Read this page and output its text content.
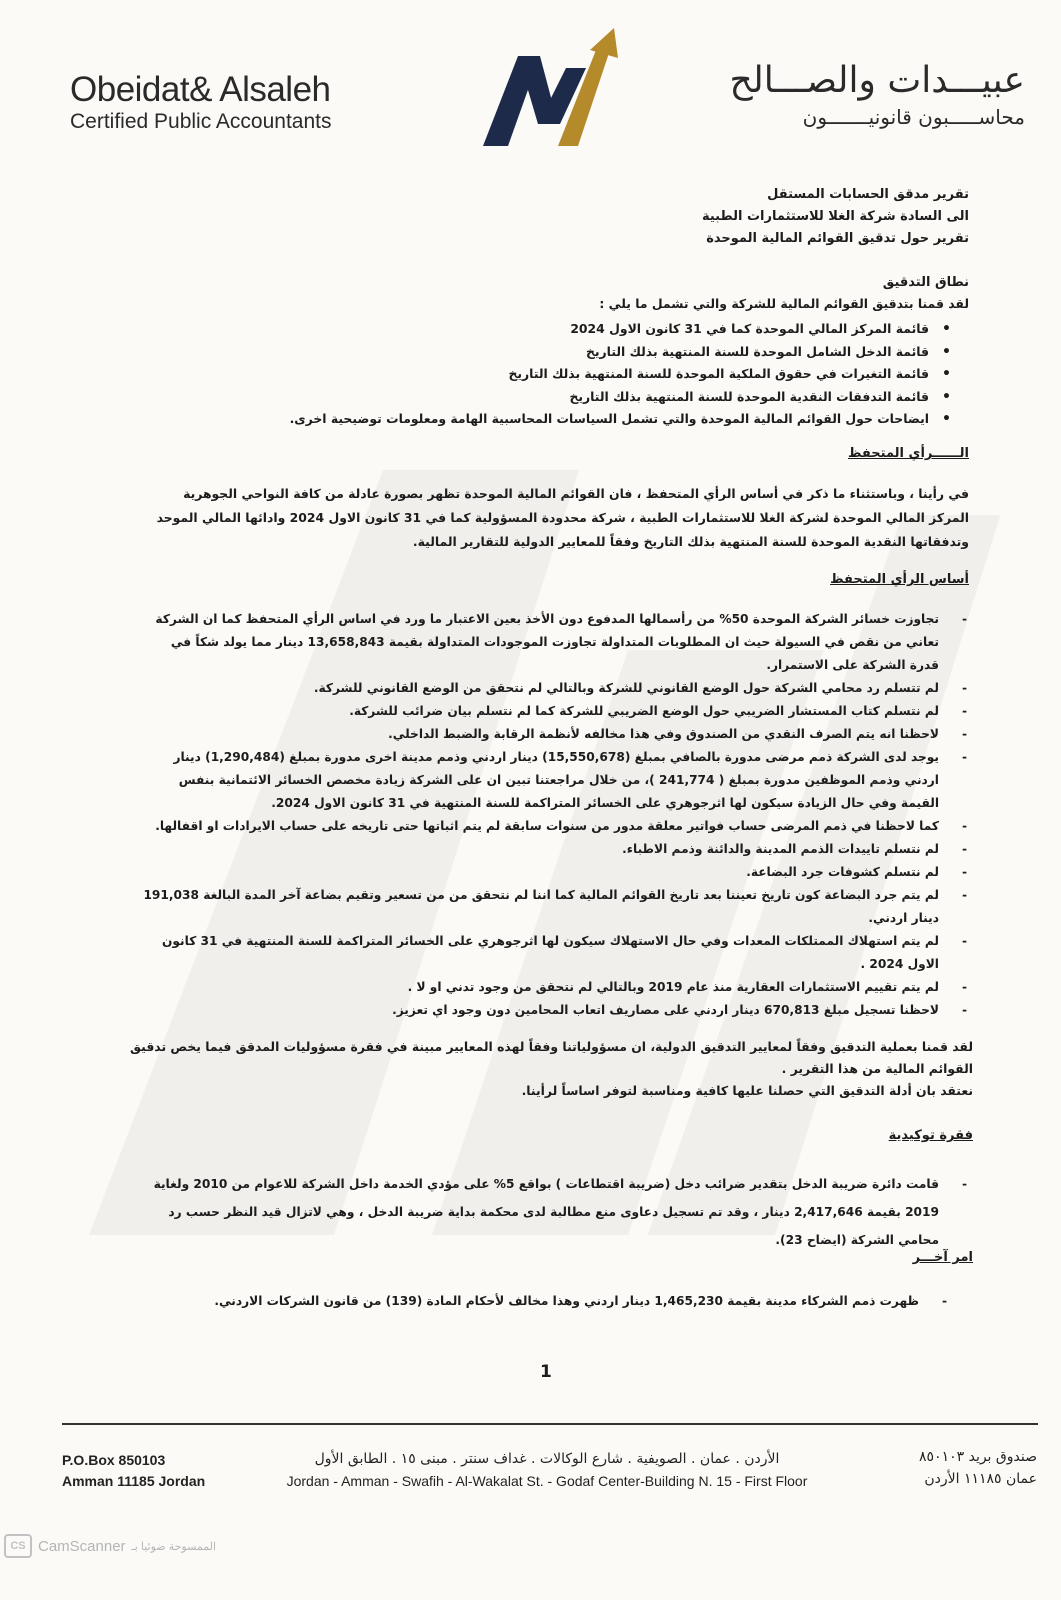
Obeidat& Alsaleh
Certified Public Accountants
عبيـــدات والصـــالح
محاســـــبون قانونيـــــــون
تقرير مدقق الحسابات المستقل
الى السادة شركة الغلا للاستثمارات الطبية
تقرير حول تدقيق القوائم المالية الموحدة
نطاق التدقيق
لقد قمنا بتدقيق القوائم المالية للشركة والتي تشمل ما يلي :
• قائمة المركز المالي الموحدة كما في 31 كانون الاول 2024
• قائمة الدخل الشامل الموحدة للسنة المنتهية بذلك التاريخ
• قائمة التغيرات في حقوق الملكية الموحدة للسنة المنتهية بذلك التاريخ
• قائمة التدفقات النقدية الموحدة للسنة المنتهية بذلك التاريخ
• ايضاحات حول القوائم المالية الموحدة والتي تشمل السياسات المحاسبية الهامة ومعلومات توضيحية اخرى.
الــــــرأي المتحفظ
في رأينا ، وباستثناء ما ذكر في أساس الرأي المتحفظ ، فان القوائم المالية الموحدة تظهر بصورة عادلة من كافة النواحي الجوهرية المركز المالي الموحدة لشركة الغلا للاستثمارات الطبية ، شركة محدودة المسؤولية كما في 31 كانون الاول 2024 وادائها المالي الموحد وتدفقاتها النقدية الموحدة للسنة المنتهية بذلك التاريخ وفقاً للمعايير الدولية للتقارير المالية.
أساس الرأي المتحفظ
- تجاوزت خسائر الشركة الموحدة 50% من رأسمالها المدفوع دون الأخذ بعين الاعتبار ما ورد في اساس الرأي المتحفظ كما ان الشركة تعاني من نقص في السيولة حيث ان المطلوبات المتداولة تجاوزت الموجودات المتداولة بقيمة 13,658,843 دينار مما يولد شكاً في قدرة الشركة على الاستمرار.
- لم تتسلم رد محامي الشركة حول الوضع القانوني للشركة وبالتالي لم نتحقق من الوضع القانوني للشركة.
- لم نتسلم كتاب المستشار الضريبي حول الوضع الضريبي للشركة كما لم نتسلم بيان ضرائب للشركة.
- لاحظنا انه يتم الصرف النقدي من الصندوق وفي هذا مخالفه لأنظمة الرقابة والضبط الداخلي.
- يوجد لدى الشركة ذمم مرضى مدورة بالصافي بمبلغ (15,550,678) دينار اردني وذمم مدينة اخرى مدورة بمبلغ (1,290,484) دينار اردني وذمم الموظفين مدورة بمبلغ ( 241,774 )، من خلال مراجعتنا تبين ان على الشركة زيادة مخصص الخسائر الائتمانية بنفس القيمة وفي حال الزيادة سيكون لها اثرجوهري على الخسائر المتراكمة للسنة المنتهية في 31 كانون الاول 2024.
- كما لاحظنا في ذمم المرضى حساب فواتير معلقة مدور من سنوات سابقة لم يتم اثباتها حتى تاريخه على حساب الايرادات او اقفالها.
- لم نتسلم تاييدات الذمم المدينة والدائنة وذمم الاطباء.
- لم نتسلم كشوفات جرد البضاعة.
- لم يتم جرد البضاعة كون تاريخ تعيننا بعد تاريخ القوائم المالية كما اننا لم نتحقق من من تسعير وتقيم بضاعة آخر المدة البالغة 191,038 دينار اردني.
- لم يتم استهلاك الممتلكات المعدات وفي حال الاستهلاك سيكون لها اثرجوهري على الخسائر المتراكمة للسنة المنتهية في 31 كانون الاول 2024 .
- لم يتم تقييم الاستثمارات العقارية منذ عام 2019 وبالتالي لم نتحقق من وجود تدني او لا .
- لاحظنا تسجيل مبلغ 670,813 دينار اردني على مصاريف اتعاب المحامين دون وجود اي تعزيز.
لقد قمنا بعملية التدقيق وفقاً لمعايير التدقيق الدولية، ان مسؤولياتنا وفقاً لهذه المعايير مبينة في فقرة مسؤوليات المدقق فيما يخص تدقيق القوائم المالية من هذا التقرير .
نعتقد بان أدلة التدقيق التي حصلنا عليها كافية ومناسبة لتوفر اساساً لرأينا.
فقرة توكيدية
- قامت دائرة ضريبة الدخل بتقدير ضرائب دخل (ضريبة اقتطاعات ) بواقع 5% على مؤدي الخدمة داخل الشركة للاعوام من 2010 ولغاية 2019 بقيمة 2,417,646 دينار ، وقد تم تسجيل دعاوى منع مطالبة لدى محكمة بداية ضريبة الدخل ، وهي لاتزال قيد النظر حسب رد محامي الشركة (ايضاح 23).
امر آخـــر
- ظهرت ذمم الشركاء مدينة بقيمة 1,465,230 دينار اردني وهذا مخالف لأحكام المادة (139) من قانون الشركات الاردني.
1
P.O.Box 850103
Amman 11185 Jordan
الأردن . عمان . الصويفية . شارع الوكالات . غداف سنتر . مبنى ١٥ . الطابق الأول
Jordan - Amman - Swafih - Al-Wakalat St. - Godaf Center-Building N. 15 - First Floor
صندوق بريد ٨٥٠١٠٣
عمان ١١١٨٥ الأردن
CS CamScanner الممسوحة ضوئيا بـ
